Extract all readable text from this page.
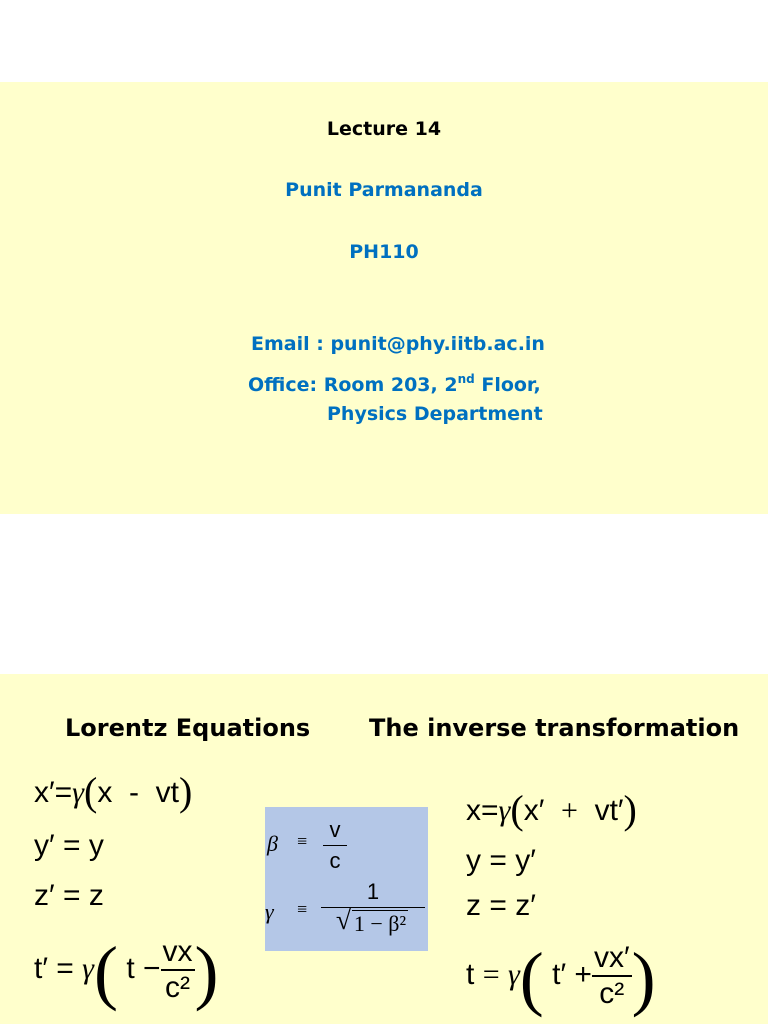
Lecture 14
Punit Parmananda
PH110
Email : punit@phy.iitb.ac.in
Office: Room 203, 2nd Floor,
Physics Department
Lorentz Equations The inverse transformation
x′=γ(x - vt)
y′ = y
z′ = z
t′ = γ( $t - \frac{vx}{\text{c²}}$ )
$\beta \equiv \frac{v}{c}$
γ ≡ 1
√ 1 − β²
x=γ(x′ + vt′)
y = y′
z = z′
t = γ( $t' + \frac{vx'}{\text{c²}}$ )
